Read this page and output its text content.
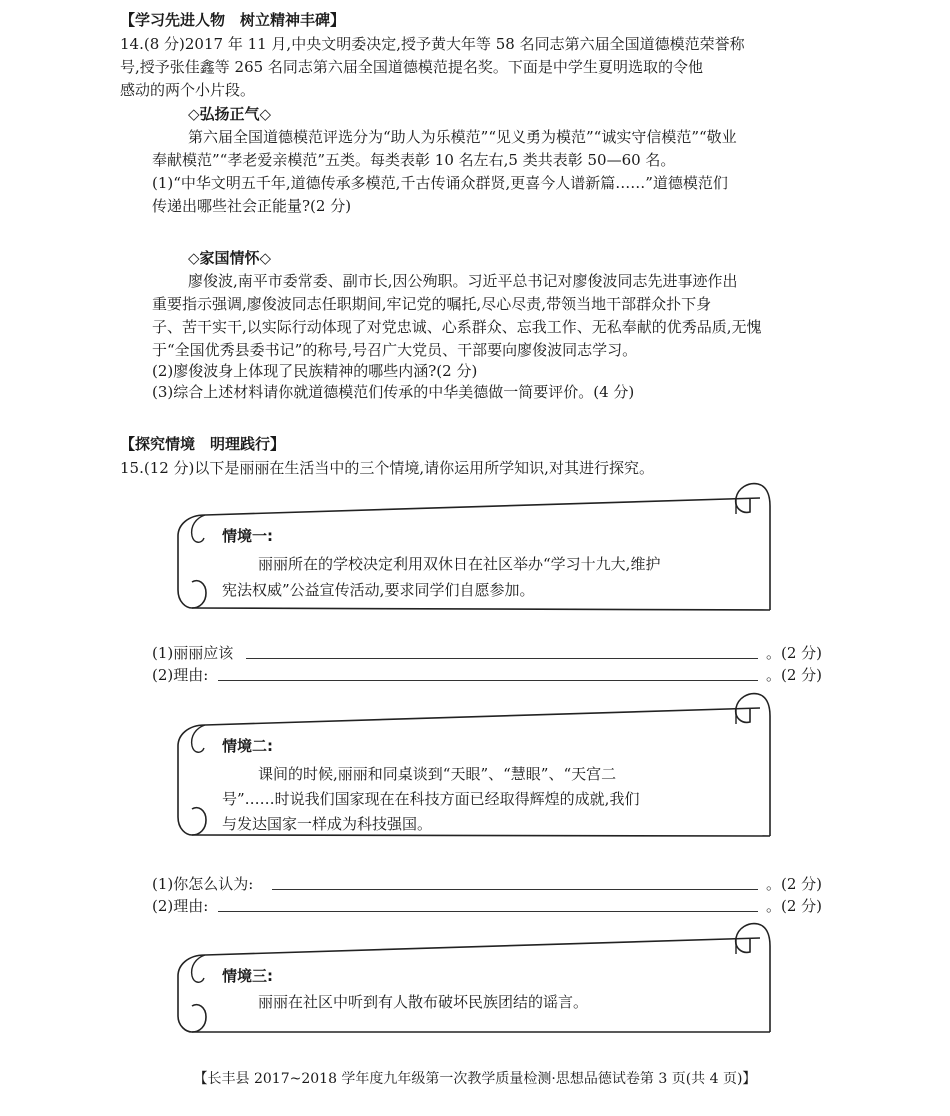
【学习先进人物　树立精神丰碑】
14.(8 分)2017 年 11 月,中央文明委决定,授予黄大年等 58 名同志第六届全国道德模范荣誉称
号,授予张佳鑫等 265 名同志第六届全国道德模范提名奖。下面是中学生夏明选取的令他
感动的两个小片段。
◇弘扬正气◇
第六届全国道德模范评选分为“助人为乐模范”“见义勇为模范”“诚实守信模范”“敬业
奉献模范”“孝老爱亲模范”五类。每类表彰 10 名左右,5 类共表彰 50—60 名。
(1)“中华文明五千年,道德传承多模范,千古传诵众群贤,更喜今人谱新篇……”道德模范们
传递出哪些社会正能量?(2 分)
◇家国情怀◇
廖俊波,南平市委常委、副市长,因公殉职。习近平总书记对廖俊波同志先进事迹作出
重要指示强调,廖俊波同志任职期间,牢记党的嘱托,尽心尽责,带领当地干部群众扑下身
子、苦干实干,以实际行动体现了对党忠诚、心系群众、忘我工作、无私奉献的优秀品质,无愧
于“全国优秀县委书记”的称号,号召广大党员、干部要向廖俊波同志学习。
(2)廖俊波身上体现了民族精神的哪些内涵?(2 分)
(3)综合上述材料请你就道德模范们传承的中华美德做一简要评价。(4 分)
【探究情境　明理践行】
15.(12 分)以下是丽丽在生活当中的三个情境,请你运用所学知识,对其进行探究。
情境一:
丽丽所在的学校决定利用双休日在社区举办“学习十九大,维护
宪法权威”公益宣传活动,要求同学们自愿参加。
(1)丽丽应该	。(2 分)
(2)理由:	。(2 分)
情境二:
课间的时候,丽丽和同桌谈到“天眼”、“慧眼”、“天宫二
号”……时说我们国家现在在科技方面已经取得辉煌的成就,我们
与发达国家一样成为科技强国。
(1)你怎么认为:	。(2 分)
(2)理由:	。(2 分)
情境三:
丽丽在社区中听到有人散布破坏民族团结的谣言。
【长丰县 2017~2018 学年度九年级第一次教学质量检测·思想品德试卷第 3 页(共 4 页)】
